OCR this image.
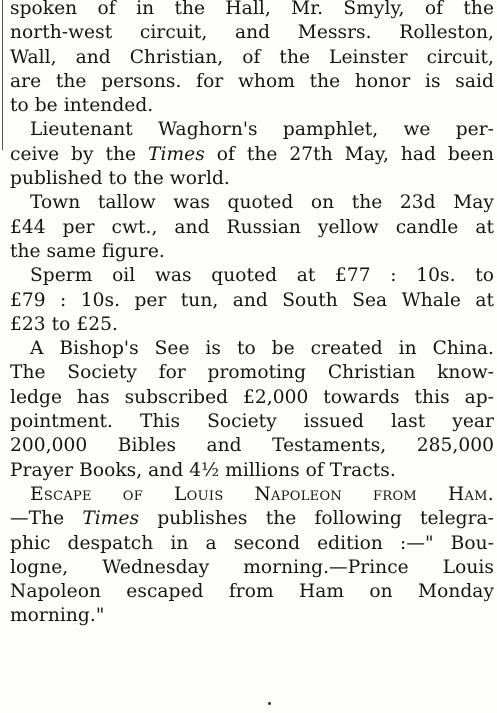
spoken of in the Hall, Mr. Smyly, of the
north-west circuit, and Messrs. Rolleston,
Wall, and Christian, of the Leinster circuit,
are the persons. for whom the honor is said
to be intended.
Lieutenant Waghorn's pamphlet, we per-
ceive by the Times of the 27th May, had been
published to the world.
Town tallow was quoted on the 23d May
£44 per cwt., and Russian yellow candle at
the same figure.
Sperm oil was quoted at £77 : 10s. to
£79 : 10s. per tun, and South Sea Whale at
£23 to £25.
A Bishop's See is to be created in China.
The Society for promoting Christian know-
ledge has subscribed £2,000 towards this ap-
pointment. This Society issued last year
200,000 Bibles and Testaments, 285,000
Prayer Books, and 4½ millions of Tracts.
Escape of Louis Napoleon from Ham.
—The Times publishes the following telegra-
phic despatch in a second edition :—" Bou-
logne, Wednesday morning.—Prince Louis
Napoleon escaped from Ham on Monday
morning."
